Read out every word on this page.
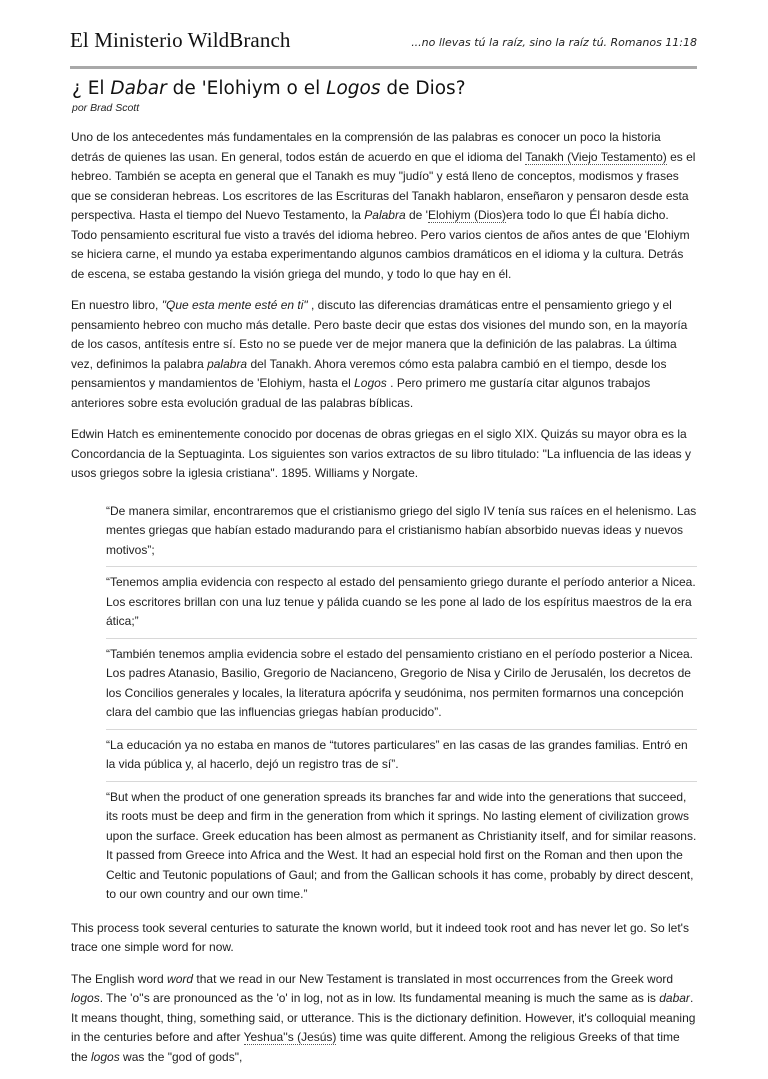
El Ministerio WildBranch	...no llevas tú la raíz, sino la raíz tú. Romanos 11:18
¿ El Dabar de 'Elohiym o el Logos de Dios?
por Brad Scott

Uno de los antecedentes más fundamentales en la comprensión de las palabras es conocer un poco la historia detrás de quienes las usan. En general, todos están de acuerdo en que el idioma del Tanakh (Viejo Testamento) es el hebreo. También se acepta en general que el Tanakh es muy "judío" y está lleno de conceptos, modismos y frases que se consideran hebreas. Los escritores de las Escrituras del Tanakh hablaron, enseñaron y pensaron desde esta perspectiva. Hasta el tiempo del Nuevo Testamento, la Palabra de 'Elohiym (Dios)era todo lo que Él había dicho. Todo pensamiento escritural fue visto a través del idioma hebreo. Pero varios cientos de años antes de que 'Elohiym se hiciera carne, el mundo ya estaba experimentando algunos cambios dramáticos en el idioma y la cultura. Detrás de escena, se estaba gestando la visión griega del mundo, y todo lo que hay en él.

En nuestro libro, "Que esta mente esté en ti" , discuto las diferencias dramáticas entre el pensamiento griego y el pensamiento hebreo con mucho más detalle. Pero baste decir que estas dos visiones del mundo son, en la mayoría de los casos, antítesis entre sí. Esto no se puede ver de mejor manera que la definición de las palabras. La última vez, definimos la palabra palabra del Tanakh. Ahora veremos cómo esta palabra cambió en el tiempo, desde los pensamientos y mandamientos de 'Elohiym, hasta el Logos . Pero primero me gustaría citar algunos trabajos anteriores sobre esta evolución gradual de las palabras bíblicas.

Edwin Hatch es eminentemente conocido por docenas de obras griegas en el siglo XIX. Quizás su mayor obra es la Concordancia de la Septuaginta. Los siguientes son varios extractos de su libro titulado: "La influencia de las ideas y usos griegos sobre la iglesia cristiana". 1895. Williams y Norgate.

“De manera similar, encontraremos que el cristianismo griego del siglo IV tenía sus raíces en el helenismo. Las mentes griegas que habían estado madurando para el cristianismo habían absorbido nuevas ideas y nuevos motivos”;
“Tenemos amplia evidencia con respecto al estado del pensamiento griego durante el período anterior a Nicea. Los escritores brillan con una luz tenue y pálida cuando se les pone al lado de los espíritus maestros de la era ática;”
“También tenemos amplia evidencia sobre el estado del pensamiento cristiano en el período posterior a Nicea. Los padres Atanasio, Basilio, Gregorio de Nacianceno, Gregorio de Nisa y Cirilo de Jerusalén, los decretos de los Concilios generales y locales, la literatura apócrifa y seudónima, nos permiten formarnos una concepción clara del cambio que las influencias griegas habían producido”.
“La educación ya no estaba en manos de “tutores particulares” en las casas de las grandes familias. Entró en la vida pública y, al hacerlo, dejó un registro tras de sí”.
“But when the product of one generation spreads its branches far and wide into the generations that succeed, its roots must be deep and firm in the generation from which it springs. No lasting element of civilization grows upon the surface. Greek education has been almost as permanent as Christianity itself, and for similar reasons. It passed from Greece into Africa and the West. It had an especial hold first on the Roman and then upon the Celtic and Teutonic populations of Gaul; and from the Gallican schools it has come, probably by direct descent, to our own country and our own time.”

This process took several centuries to saturate the known world, but it indeed took root and has never let go. So let's trace one simple word for now.

The English word word that we read in our New Testament is translated in most occurrences from the Greek word logos. The 'o''s are pronounced as the 'o' in log, not as in low. Its fundamental meaning is much the same as is dabar. It means thought, thing, something said, or utterance. This is the dictionary definition. However, it's colloquial meaning in the centuries before and after Yeshua''s (Jesús) time was quite different. Among the religious Greeks of that time the logos was the "god of gods",
